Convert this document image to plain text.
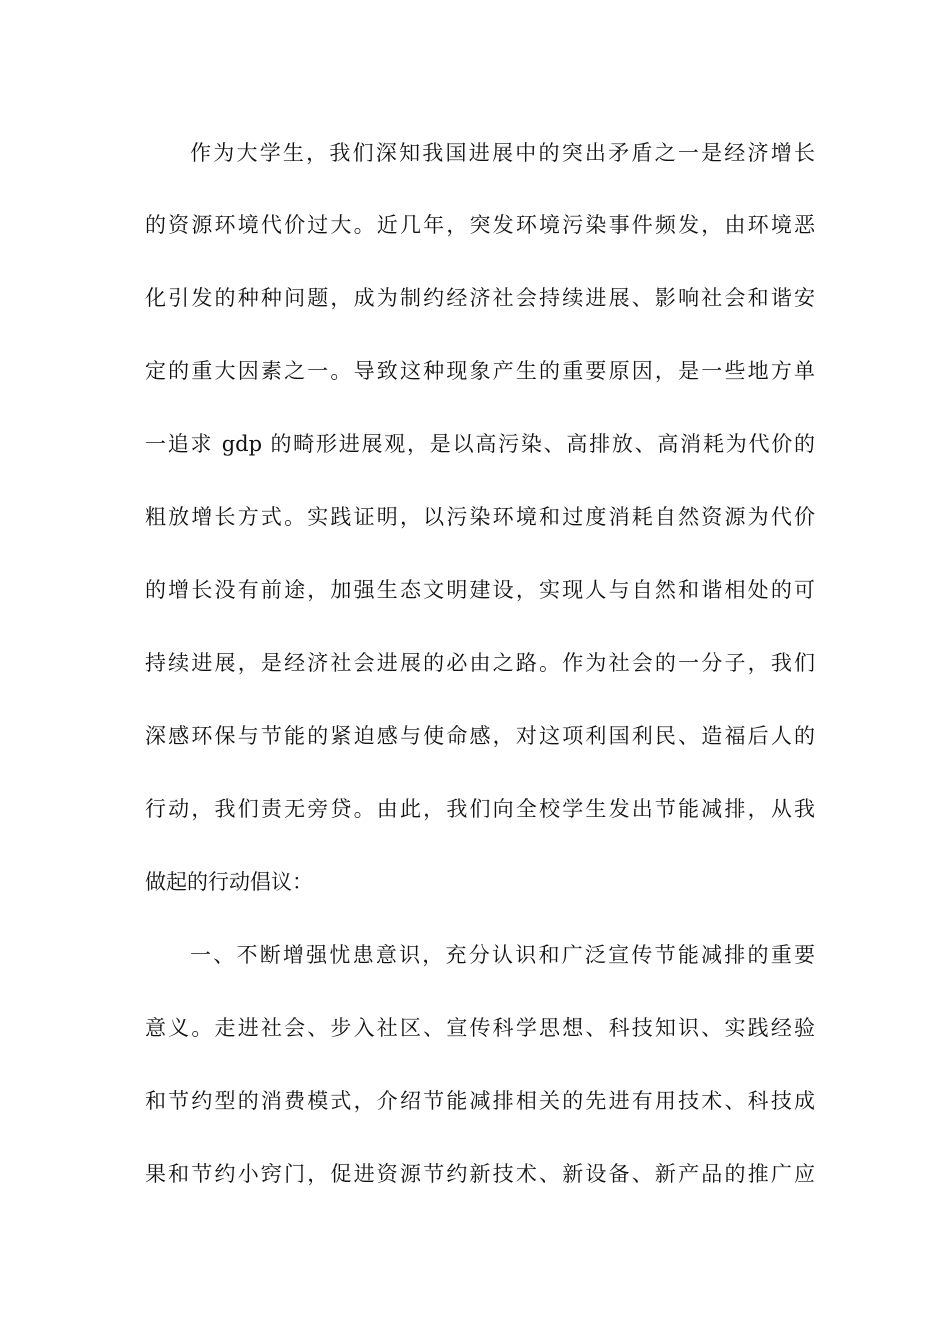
作为大学生，我们深知我国进展中的突出矛盾之一是经济增长
的资源环境代价过大。近几年，突发环境污染事件频发，由环境恶
化引发的种种问题，成为制约经济社会持续进展、影响社会和谐安
定的重大因素之一。导致这种现象产生的重要原因，是一些地方单
一追求 gdp 的畸形进展观，是以高污染、高排放、高消耗为代价的
粗放增长方式。实践证明，以污染环境和过度消耗自然资源为代价
的增长没有前途，加强生态文明建设，实现人与自然和谐相处的可
持续进展，是经济社会进展的必由之路。作为社会的一分子，我们
深感环保与节能的紧迫感与使命感，对这项利国利民、造福后人的
行动，我们责无旁贷。由此，我们向全校学生发出节能减排，从我
做起的行动倡议：
一、不断增强忧患意识，充分认识和广泛宣传节能减排的重要
意义。走进社会、步入社区、宣传科学思想、科技知识、实践经验
和节约型的消费模式，介绍节能减排相关的先进有用技术、科技成
果和节约小窍门，促进资源节约新技术、新设备、新产品的推广应
